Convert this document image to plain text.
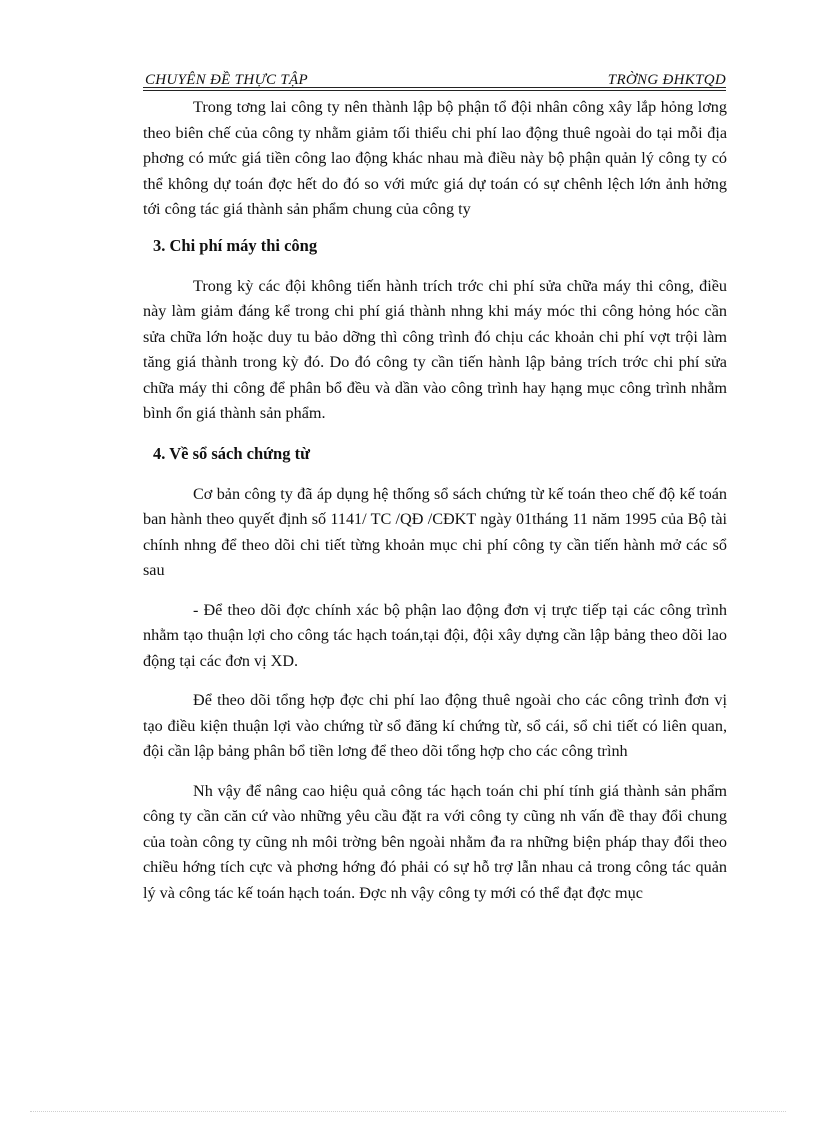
CHUYÊN ĐỀ THỰC TẬP	TRỜNG ĐHKTQD

Trong tơng lai công ty nên thành lập bộ phận tổ đội nhân công xây lắp hỏng lơng theo biên chế của công ty nhằm giảm tối thiểu chi phí lao động thuê ngoài do tại mỗi địa phơng có mức giá tiền công lao động khác nhau mà điều này bộ phận quản lý công ty có thể không dự toán đợc hết do đó so với mức giá dự toán có sự chênh lệch lớn ảnh hởng tới công tác giá thành sản phẩm chung của công ty

3. Chi phí máy thi công

Trong kỳ các đội không tiến hành trích trớc chi phí sửa chữa máy thi công, điều này làm giảm đáng kể trong chi phí giá thành nhng khi máy móc thi công hỏng hóc cần sửa chữa lớn hoặc duy tu bảo dỡng thì công trình đó chịu các khoản chi phí vợt trội làm tăng giá thành trong kỳ đó. Do đó công ty cần tiến hành lập bảng trích trớc chi phí sửa chữa máy thi công để phân bổ đều và dần vào công trình hay hạng mục công trình nhằm bình ổn giá thành sản phẩm.

4. Về sổ sách chứng từ

Cơ bản công ty đã áp dụng hệ thống sổ sách chứng từ kế toán theo chế độ kế toán ban hành theo quyết định số 1141/ TC /QĐ /CĐKT ngày 01tháng 11 năm 1995 của Bộ tài chính nhng để theo dõi chi tiết từng khoản mục chi phí công ty cần tiến hành mở các sổ sau

- Để theo dõi đợc chính xác bộ phận lao động đơn vị trực tiếp tại các công trình nhằm tạo thuận lợi cho công tác hạch toán,tại đội, đội xây dựng cần lập bảng theo dõi lao động tại các đơn vị XD.

Để theo dõi tổng hợp đợc chi phí lao động thuê ngoài cho các công trình đơn vị tạo điều kiện thuận lợi vào chứng từ sổ đăng kí chứng từ, sổ cái, sổ chi tiết có liên quan, đội cần lập bảng phân bổ tiền lơng để theo dõi tổng hợp cho các công trình

Nh vậy để nâng cao hiệu quả công tác hạch toán chi phí tính giá thành sản phẩm công ty cần căn cứ vào những yêu cầu đặt ra với công ty cũng nh vấn đề thay đổi chung của toàn công ty cũng nh môi trờng bên ngoài nhằm đa ra những biện pháp thay đổi theo chiều hớng tích cực và phơng hớng đó phải có sự hỗ trợ lẫn nhau cả trong công tác quản lý và công tác kế toán hạch toán. Đợc nh vậy công ty mới có thể đạt đợc mục
